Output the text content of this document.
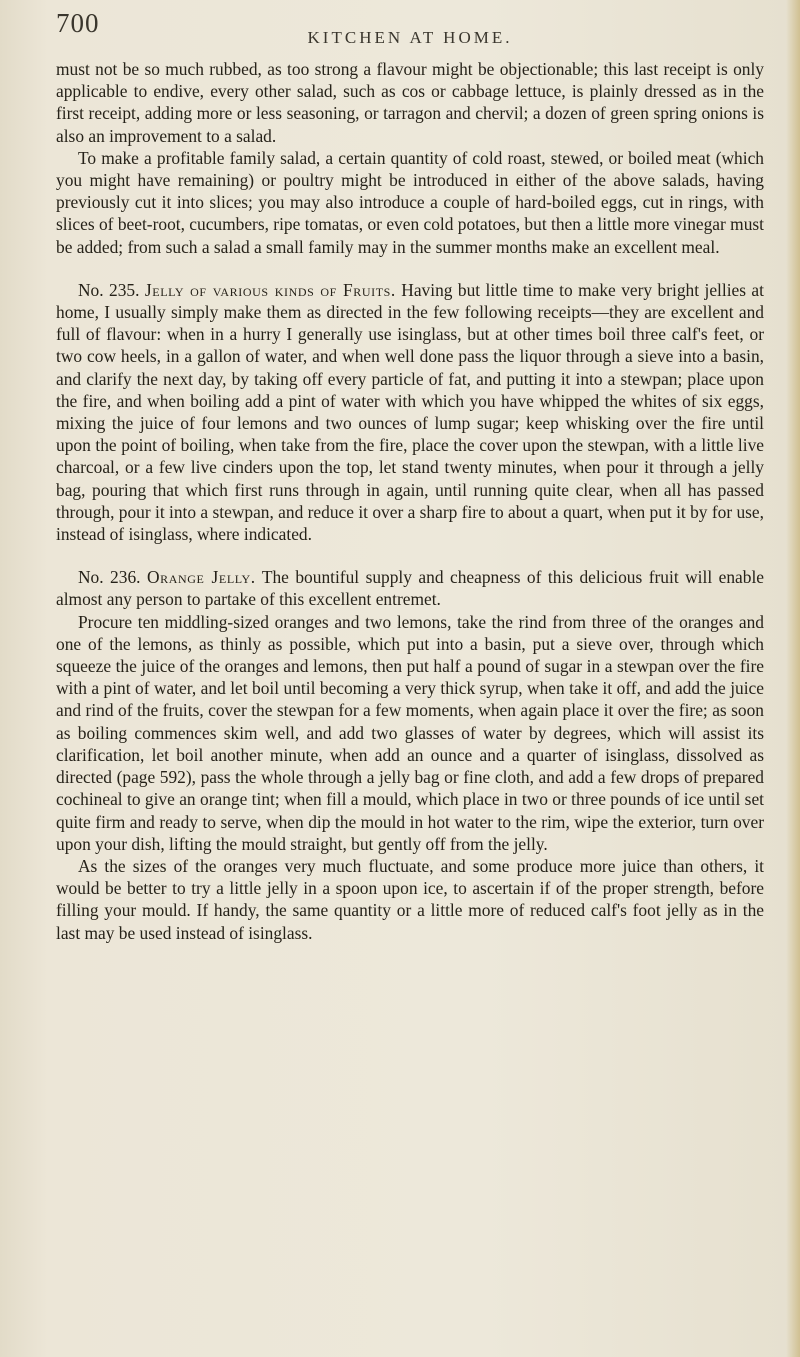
700	KITCHEN AT HOME.

must not be so much rubbed, as too strong a flavour might be objectionable; this last receipt is only applicable to endive, every other salad, such as cos or cabbage lettuce, is plainly dressed as in the first receipt, adding more or less seasoning, or tarragon and chervil; a dozen of green spring onions is also an improvement to a salad.

To make a profitable family salad, a certain quantity of cold roast, stewed, or boiled meat (which you might have remaining) or poultry might be introduced in either of the above salads, having previously cut it into slices; you may also introduce a couple of hard-boiled eggs, cut in rings, with slices of beet-root, cucumbers, ripe tomatas, or even cold potatoes, but then a little more vinegar must be added; from such a salad a small family may in the summer months make an excellent meal.

No. 235. Jelly of various kinds of Fruits. Having but little time to make very bright jellies at home, I usually simply make them as directed in the few following receipts—they are excellent and full of flavour: when in a hurry I generally use isinglass, but at other times boil three calf's feet, or two cow heels, in a gallon of water, and when well done pass the liquor through a sieve into a basin, and clarify the next day, by taking off every particle of fat, and putting it into a stewpan; place upon the fire, and when boiling add a pint of water with which you have whipped the whites of six eggs, mixing the juice of four lemons and two ounces of lump sugar; keep whisking over the fire until upon the point of boiling, when take from the fire, place the cover upon the stewpan, with a little live charcoal, or a few live cinders upon the top, let stand twenty minutes, when pour it through a jelly bag, pouring that which first runs through in again, until running quite clear, when all has passed through, pour it into a stewpan, and reduce it over a sharp fire to about a quart, when put it by for use, instead of isinglass, where indicated.

No. 236. Orange Jelly. The bountiful supply and cheapness of this delicious fruit will enable almost any person to partake of this excellent entremet.

Procure ten middling-sized oranges and two lemons, take the rind from three of the oranges and one of the lemons, as thinly as possible, which put into a basin, put a sieve over, through which squeeze the juice of the oranges and lemons, then put half a pound of sugar in a stewpan over the fire with a pint of water, and let boil until becoming a very thick syrup, when take it off, and add the juice and rind of the fruits, cover the stewpan for a few moments, when again place it over the fire; as soon as boiling commences skim well, and add two glasses of water by degrees, which will assist its clarification, let boil another minute, when add an ounce and a quarter of isinglass, dissolved as directed (page 592), pass the whole through a jelly bag or fine cloth, and add a few drops of prepared cochineal to give an orange tint; when fill a mould, which place in two or three pounds of ice until set quite firm and ready to serve, when dip the mould in hot water to the rim, wipe the exterior, turn over upon your dish, lifting the mould straight, but gently off from the jelly.

As the sizes of the oranges very much fluctuate, and some produce more juice than others, it would be better to try a little jelly in a spoon upon ice, to ascertain if of the proper strength, before filling your mould. If handy, the same quantity or a little more of reduced calf's foot jelly as in the last may be used instead of isinglass.
